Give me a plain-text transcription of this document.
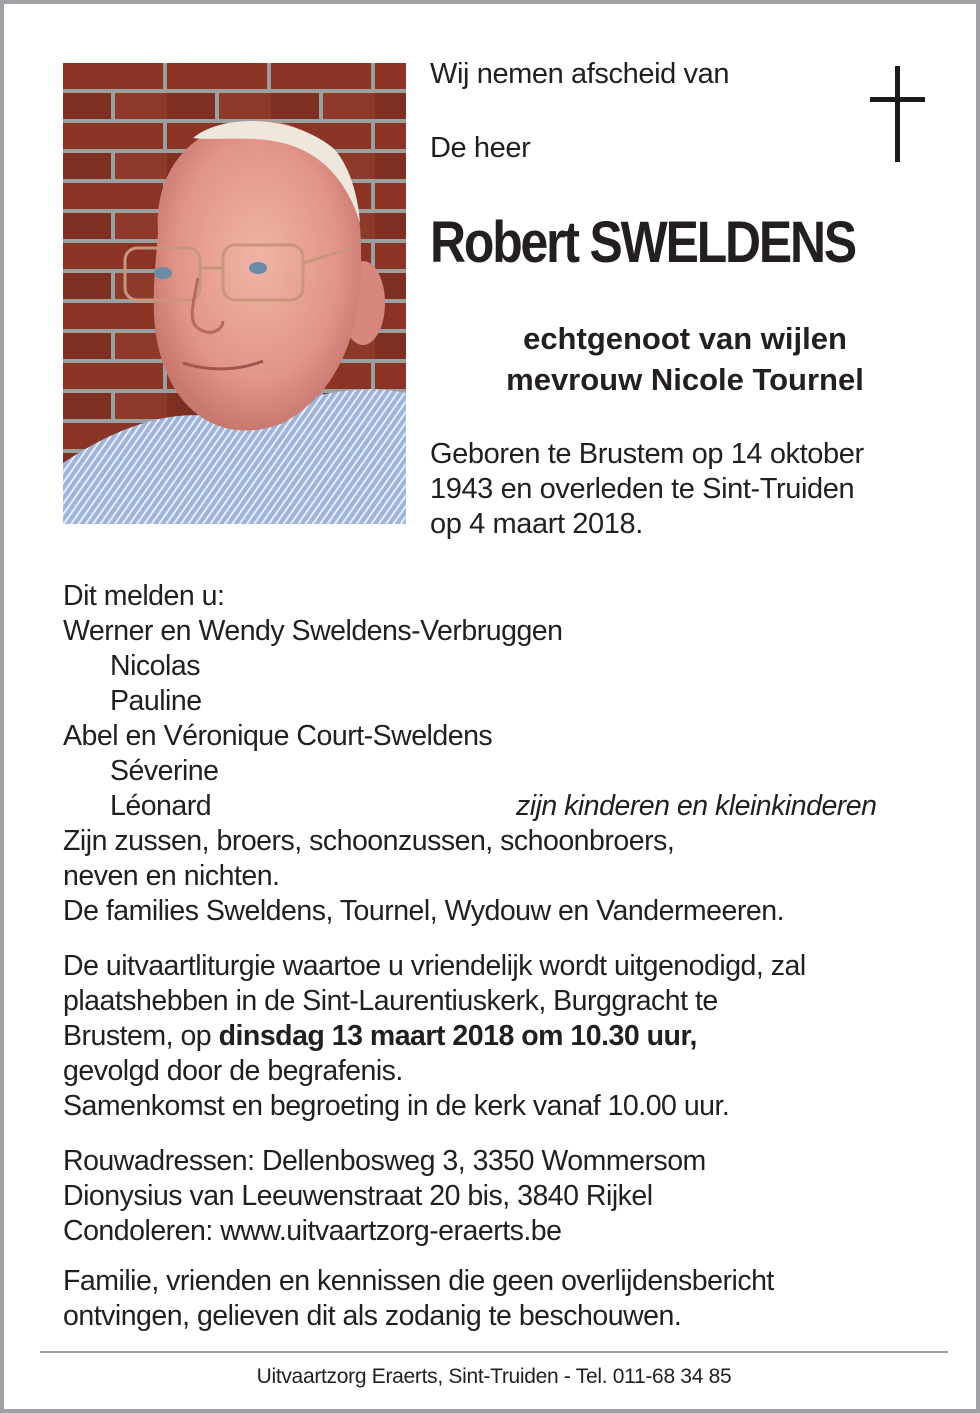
Wij nemen afscheid van
De heer
Robert SWELDENS
echtgenoot van wijlen
mevrouw Nicole Tournel
Geboren te Brustem op 14 oktober
1943 en overleden te Sint-Truiden
op 4 maart 2018.
Dit melden u:
Werner en Wendy Sweldens-Verbruggen
Nicolas
Pauline
Abel en Véronique Court-Sweldens
Séverine
Léonard	zijn kinderen en kleinkinderen
Zijn zussen, broers, schoonzussen, schoonbroers,
neven en nichten.
De families Sweldens, Tournel, Wydouw en Vandermeeren.
De uitvaartliturgie waartoe u vriendelijk wordt uitgenodigd, zal
plaatshebben in de Sint-Laurentiuskerk, Burggracht te
Brustem, op dinsdag 13 maart 2018 om 10.30 uur,
gevolgd door de begrafenis.
Samenkomst en begroeting in de kerk vanaf 10.00 uur.
Rouwadressen: Dellenbosweg 3, 3350 Wommersom
Dionysius van Leeuwenstraat 20 bis, 3840 Rijkel
Condoleren: www.uitvaartzorg-eraerts.be
Familie, vrienden en kennissen die geen overlijdensbericht
ontvingen, gelieven dit als zodanig te beschouwen.
Uitvaartzorg Eraerts, Sint-Truiden - Tel. 011-68 34 85
